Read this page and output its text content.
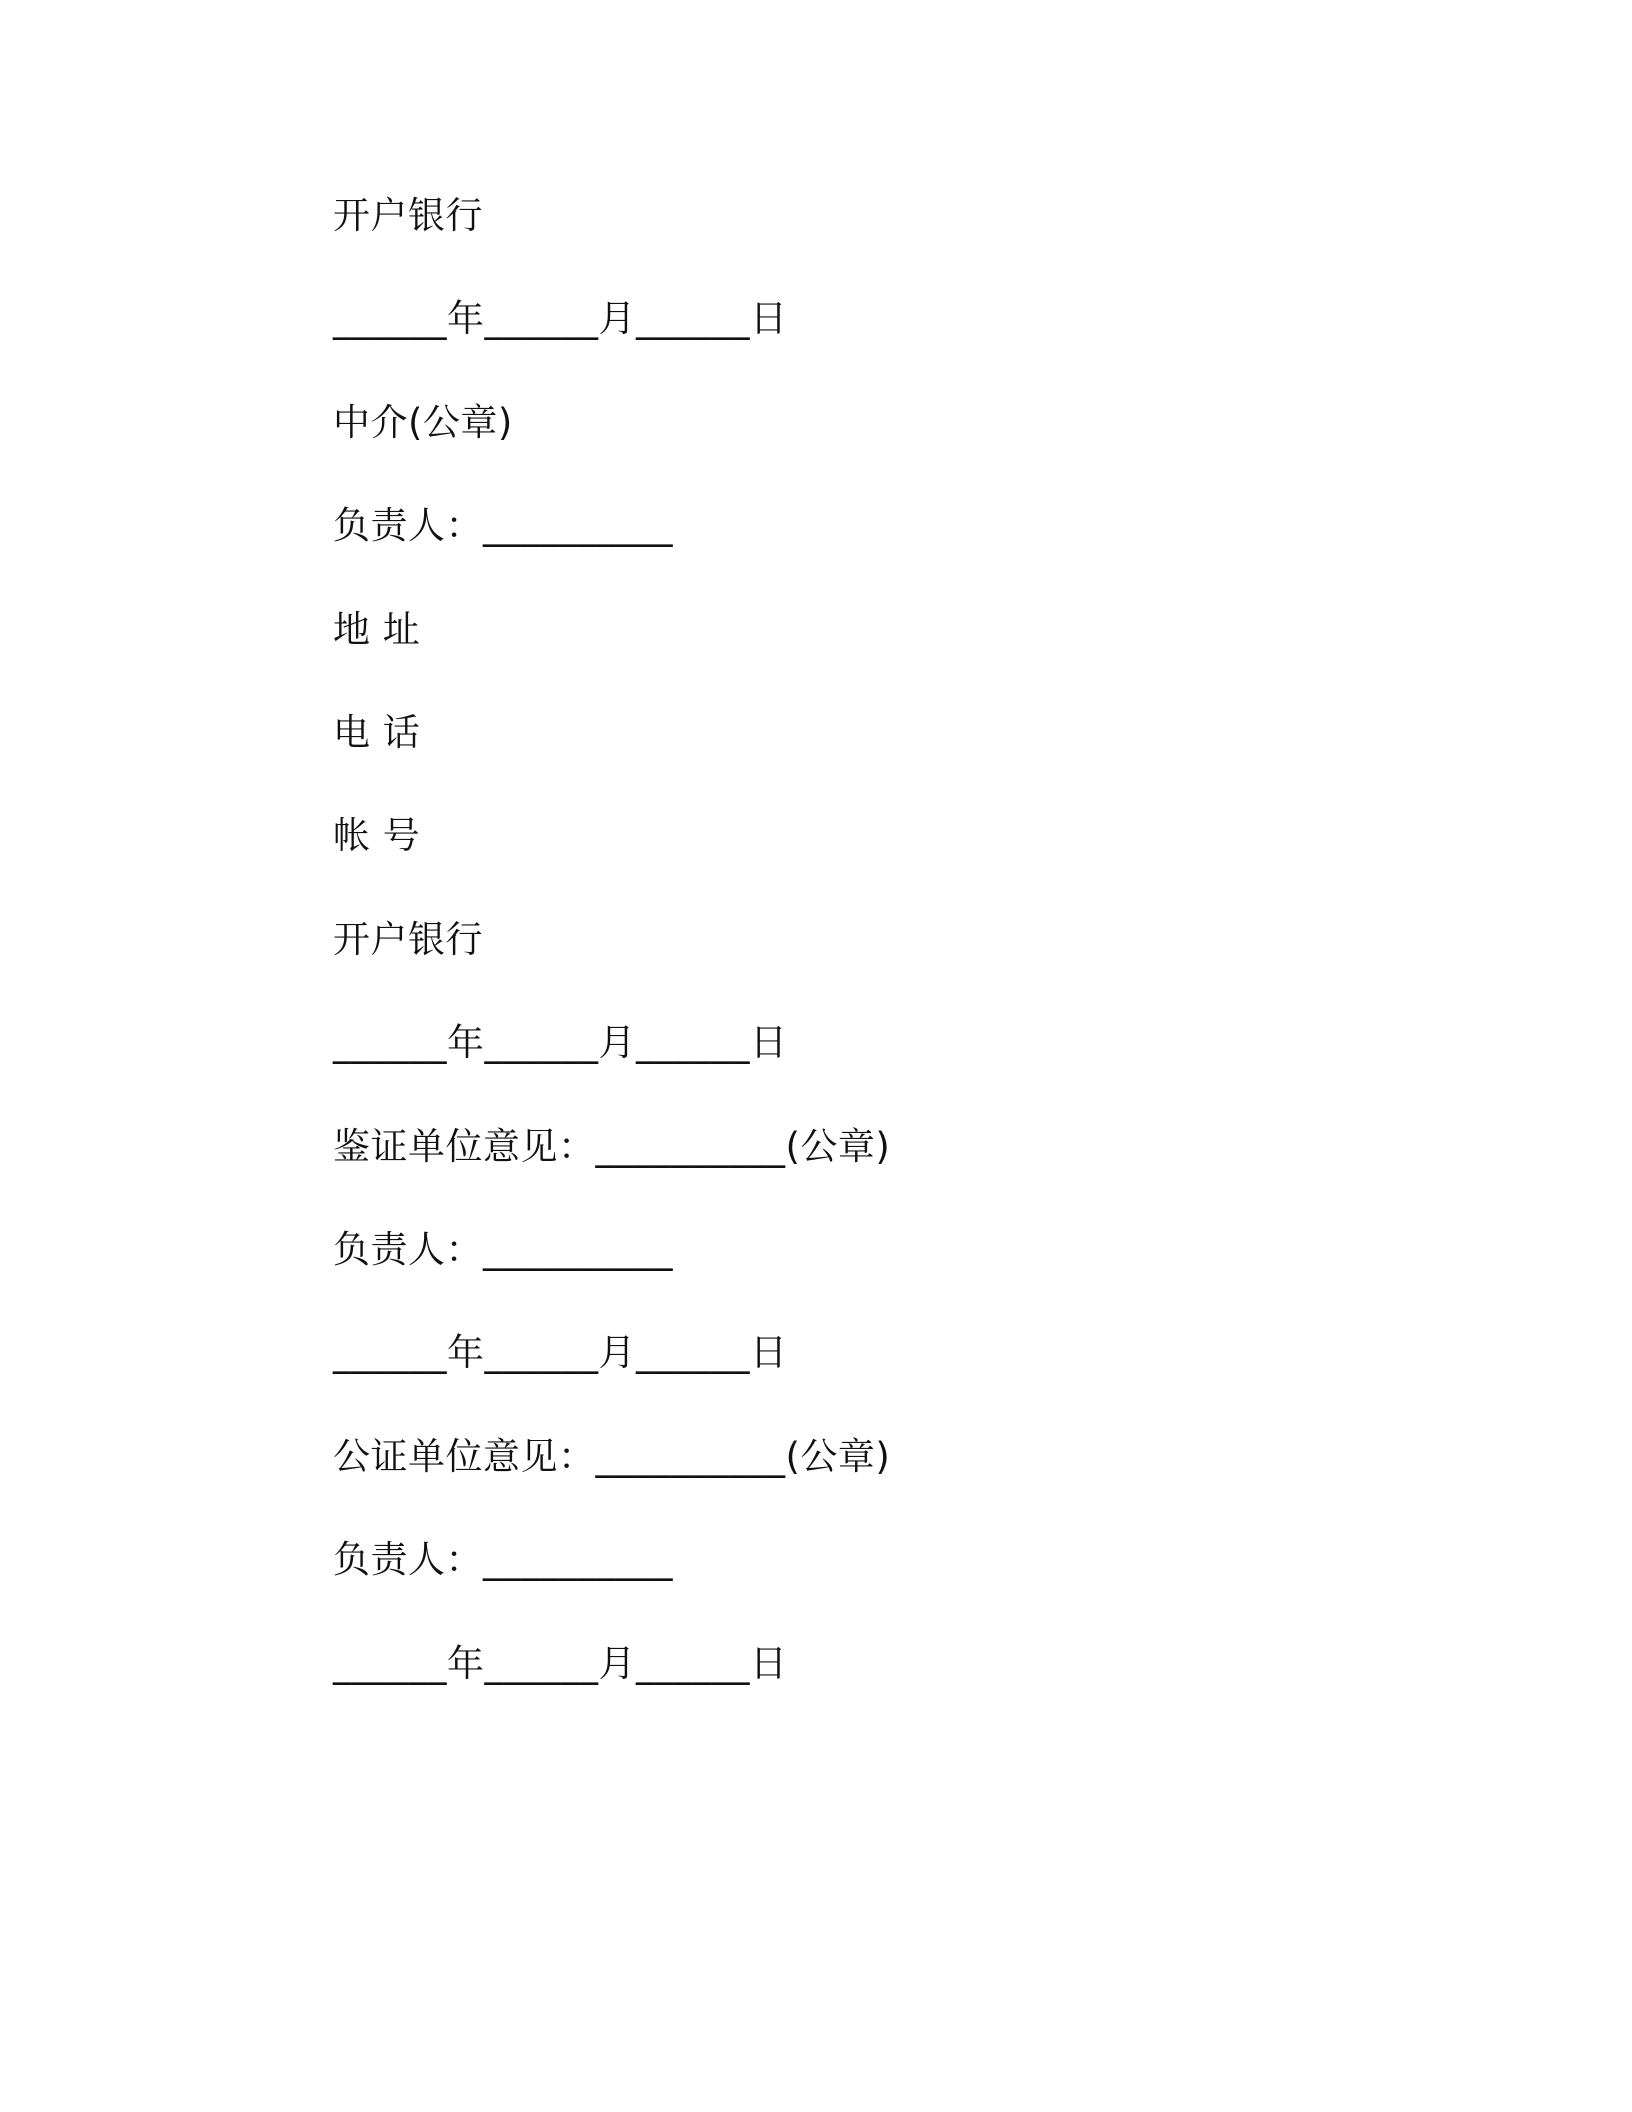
开户银行
______年______月______日
中介(公章)
负责人：__________
地 址
电 话
帐 号
开户银行
______年______月______日
鉴证单位意见：__________(公章)
负责人：__________
______年______月______日
公证单位意见：__________(公章)
负责人：__________
______年______月______日
